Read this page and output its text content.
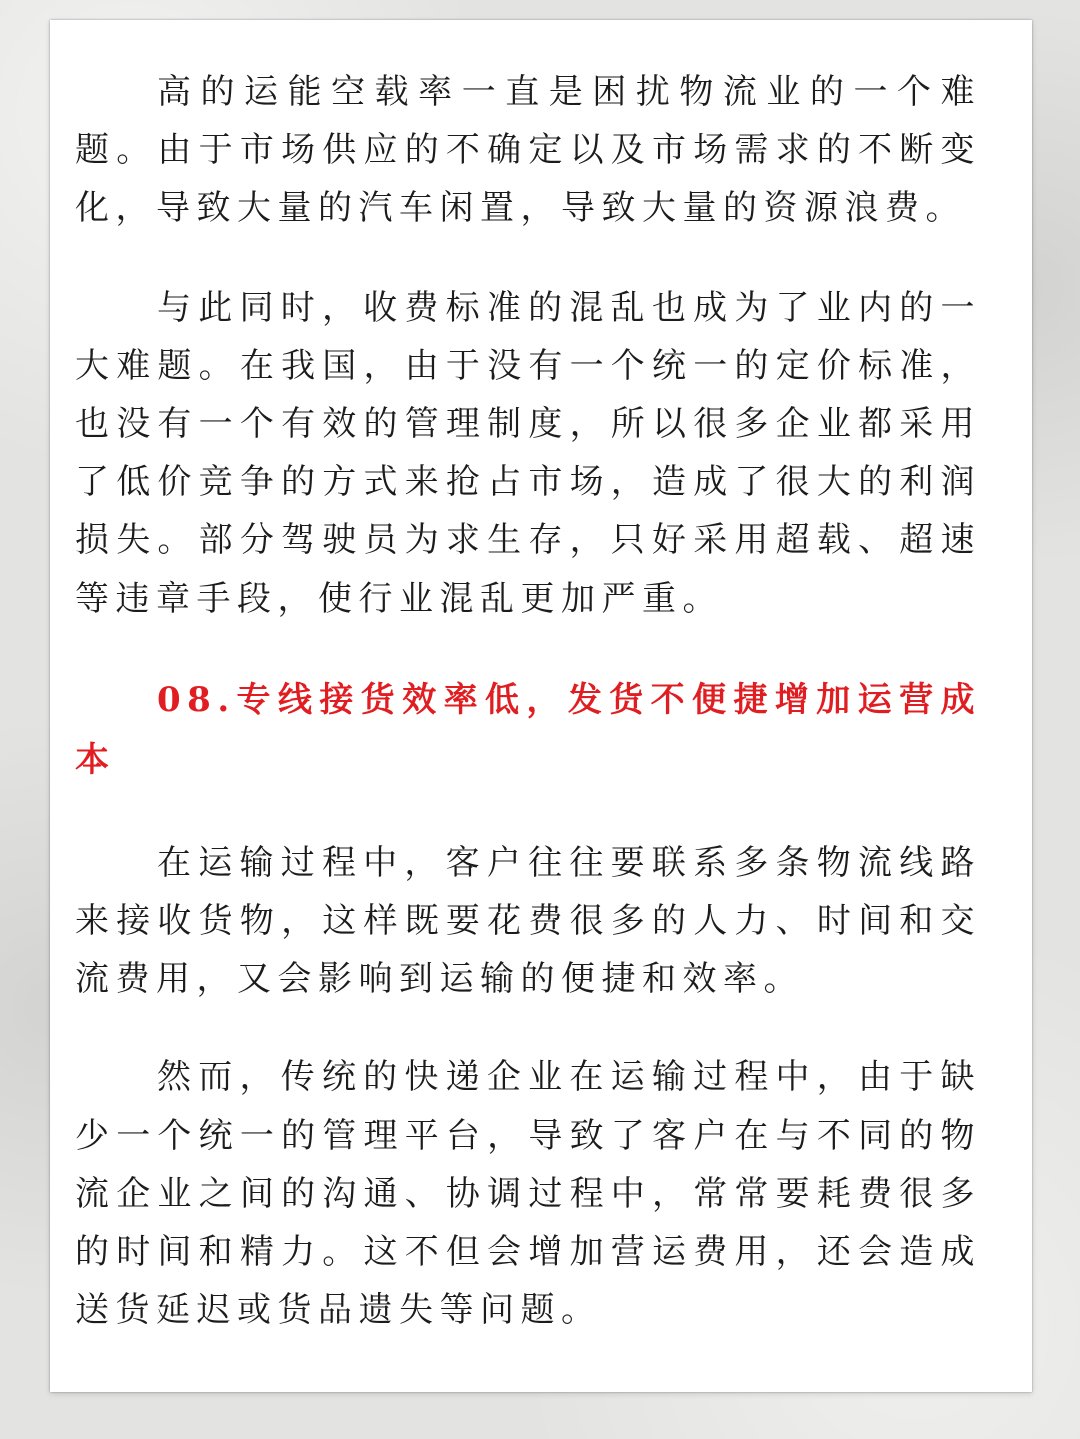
高的运能空载率一直是困扰物流业的一个难题。由于市场供应的不确定以及市场需求的不断变化，导致大量的汽车闲置，导致大量的资源浪费。

与此同时，收费标准的混乱也成为了业内的一大难题。在我国，由于没有一个统一的定价标准，也没有一个有效的管理制度，所以很多企业都采用了低价竞争的方式来抢占市场，造成了很大的利润损失。部分驾驶员为求生存，只好采用超载、超速等违章手段，使行业混乱更加严重。

08.专线接货效率低，发货不便捷增加运营成本

在运输过程中，客户往往要联系多条物流线路来接收货物，这样既要花费很多的人力、时间和交流费用，又会影响到运输的便捷和效率。

然而，传统的快递企业在运输过程中，由于缺少一个统一的管理平台，导致了客户在与不同的物流企业之间的沟通、协调过程中，常常要耗费很多的时间和精力。这不但会增加营运费用，还会造成送货延迟或货品遗失等问题。
